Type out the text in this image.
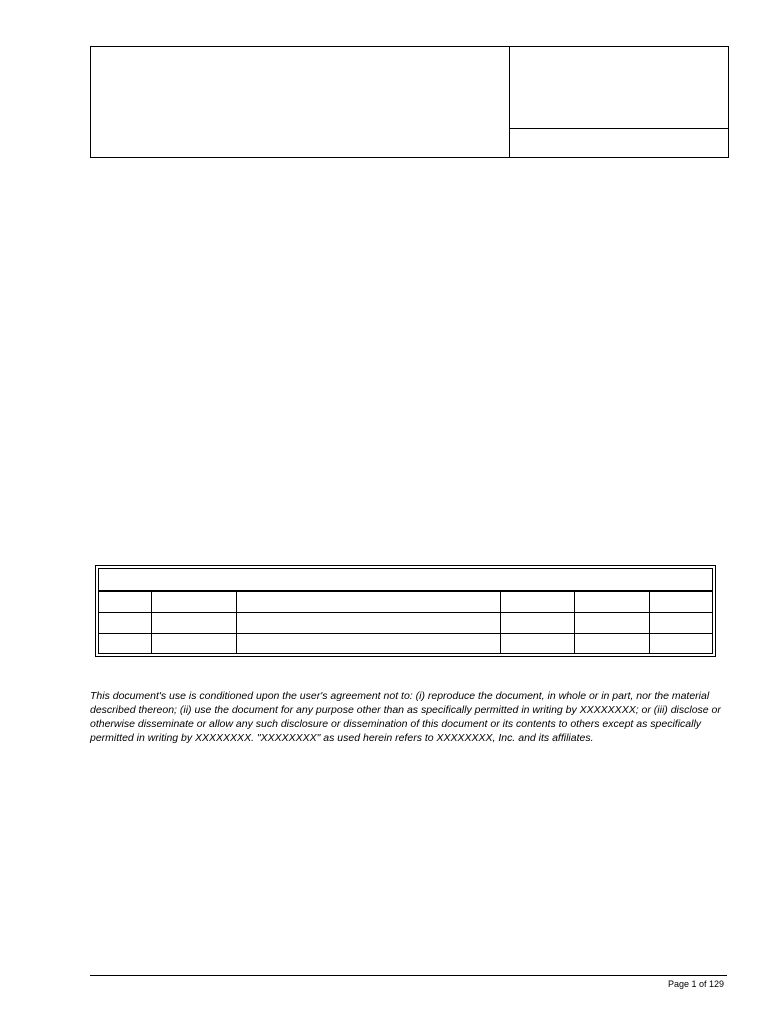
This document's use is conditioned upon the user's agreement not to: (i) reproduce the document, in whole or in part, nor the material described thereon; (ii) use the document for any purpose other than as specifically permitted in writing by XXXXXXXX; or (iii) disclose or otherwise disseminate or allow any such disclosure or dissemination of this document or its contents to others except as specifically permitted in writing by XXXXXXXX. "XXXXXXXX" as used herein refers to XXXXXXXX, Inc. and its affiliates.

Page 1 of 129
